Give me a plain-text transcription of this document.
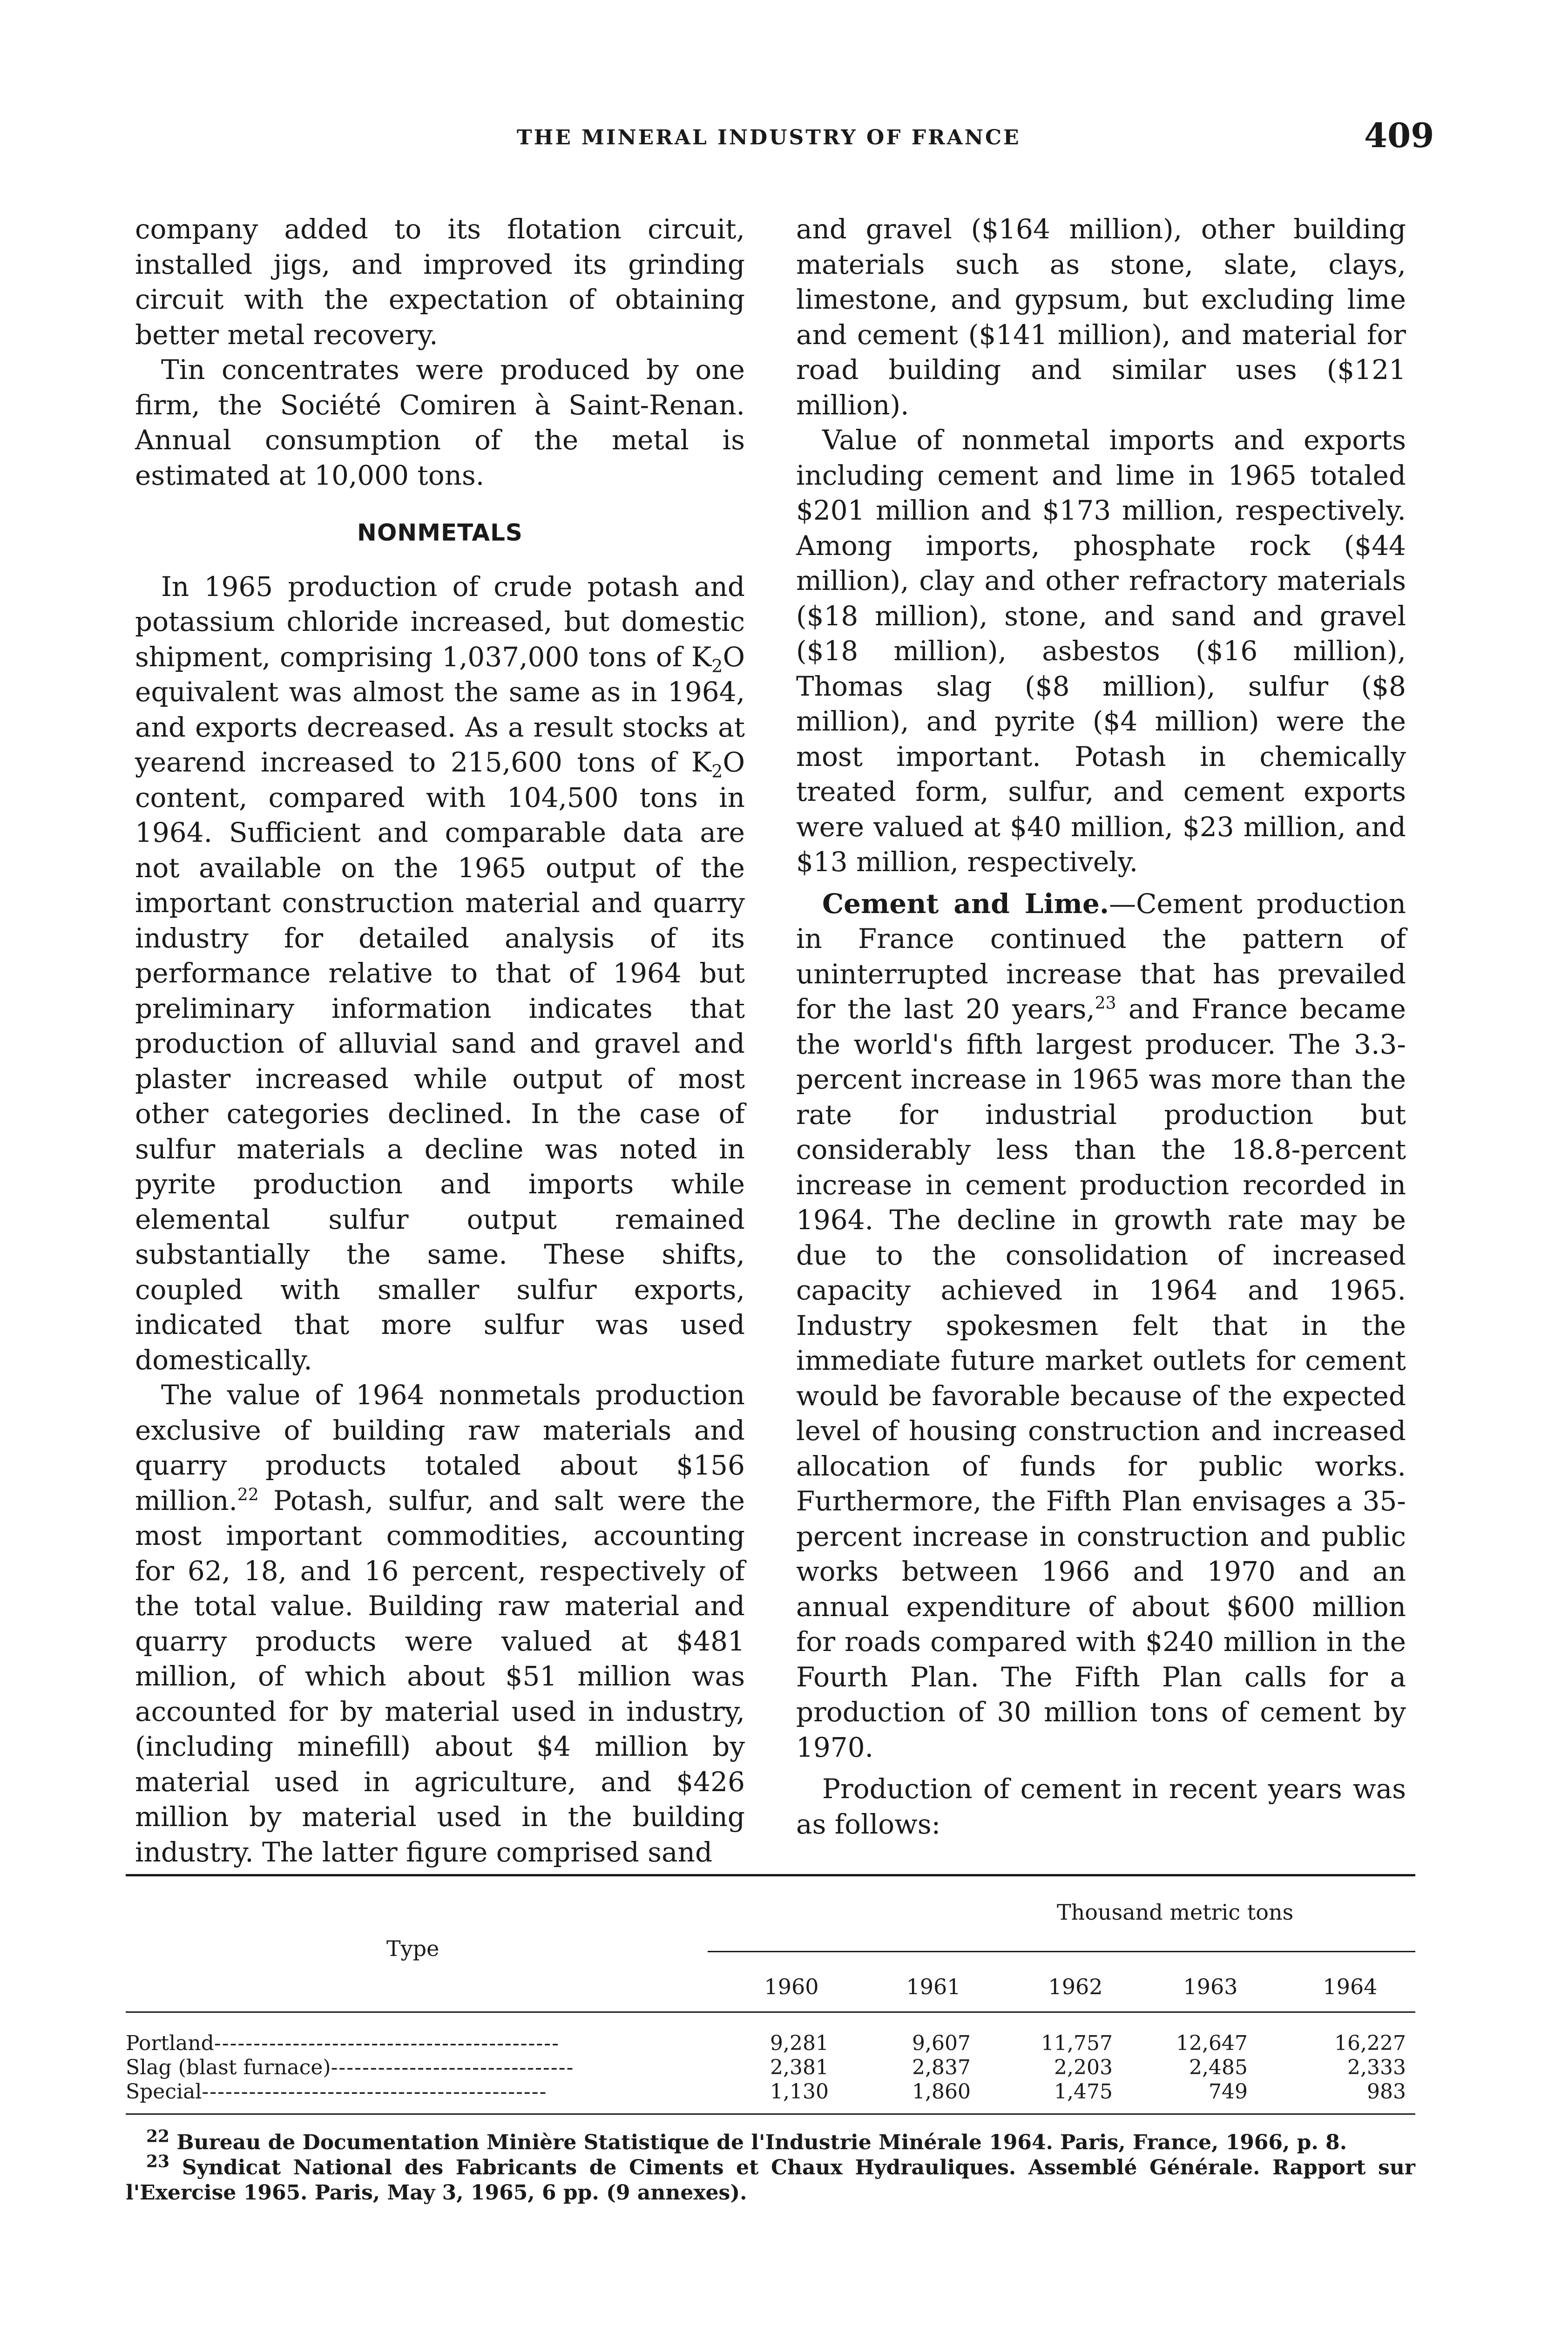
THE MINERAL INDUSTRY OF FRANCE	409

company added to its flotation circuit, installed jigs, and improved its grinding circuit with the expectation of obtaining better metal recovery.

Tin concentrates were produced by one firm, the Société Comiren à Saint-Renan. Annual consumption of the metal is estimated at 10,000 tons.

NONMETALS

In 1965 production of crude potash and potassium chloride increased, but domestic shipment, comprising 1,037,000 tons of $K_2O$ equivalent was almost the same as in 1964, and exports decreased. As a result stocks at yearend increased to 215,600 tons of $K_2O$ content, compared with 104,500 tons in 1964. Sufficient and comparable data are not available on the 1965 output of the important construction material and quarry industry for detailed analysis of its performance relative to that of 1964 but preliminary information indicates that production of alluvial sand and gravel and plaster increased while output of most other categories declined. In the case of sulfur materials a decline was noted in pyrite production and imports while elemental sulfur output remained substantially the same. These shifts, coupled with smaller sulfur exports, indicated that more sulfur was used domestically.

The value of 1964 nonmetals production exclusive of building raw materials and quarry products totaled about $156 million.$^{22}$ Potash, sulfur, and salt were the most important commodities, accounting for 62, 18, and 16 percent, respectively of the total value. Building raw material and quarry products were valued at $481 million, of which about $51 million was accounted for by material used in industry, (including minefill) about $4 million by material used in agriculture, and $426 million by material used in the building industry. The latter figure comprised sand

and gravel ($164 million), other building materials such as stone, slate, clays, limestone, and gypsum, but excluding lime and cement ($141 million), and material for road building and similar uses ($121 million).

Value of nonmetal imports and exports including cement and lime in 1965 totaled $201 million and $173 million, respectively. Among imports, phosphate rock ($44 million), clay and other refractory materials ($18 million), stone, and sand and gravel ($18 million), asbestos ($16 million), Thomas slag ($8 million), sulfur ($8 million), and pyrite ($4 million) were the most important. Potash in chemically treated form, sulfur, and cement exports were valued at $40 million, $23 million, and $13 million, respectively.

Cement and Lime.—Cement production in France continued the pattern of uninterrupted increase that has prevailed for the last 20 years,$^{23}$ and France became the world's fifth largest producer. The 3.3-percent increase in 1965 was more than the rate for industrial production but considerably less than the 18.8-percent increase in cement production recorded in 1964. The decline in growth rate may be due to the consolidation of increased capacity achieved in 1964 and 1965. Industry spokesmen felt that in the immediate future market outlets for cement would be favorable because of the expected level of housing construction and increased allocation of funds for public works. Furthermore, the Fifth Plan envisages a 35-percent increase in construction and public works between 1966 and 1970 and an annual expenditure of about $600 million for roads compared with $240 million in the Fourth Plan. The Fifth Plan calls for a production of 30 million tons of cement by 1970.

Production of cement in recent years was as follows:

Type
Thousand metric tons
1960	1961	1962	1963	1964
Portland--------------------------------------------	9,281	9,607	11,757	12,647	16,227
Slag (blast furnace)-------------------------------	2,381	2,837	2,203	2,485	2,333
Special--------------------------------------------	1,130	1,860	1,475	749	983

$^{22}$ Bureau de Documentation Minière Statistique de l'Industrie Minérale 1964. Paris, France, 1966, p. 8.

$^{23}$ Syndicat National des Fabricants de Ciments et Chaux Hydrauliques. Assemblé Générale. Rapport sur l'Exercise 1965. Paris, May 3, 1965, 6 pp. (9 annexes).
